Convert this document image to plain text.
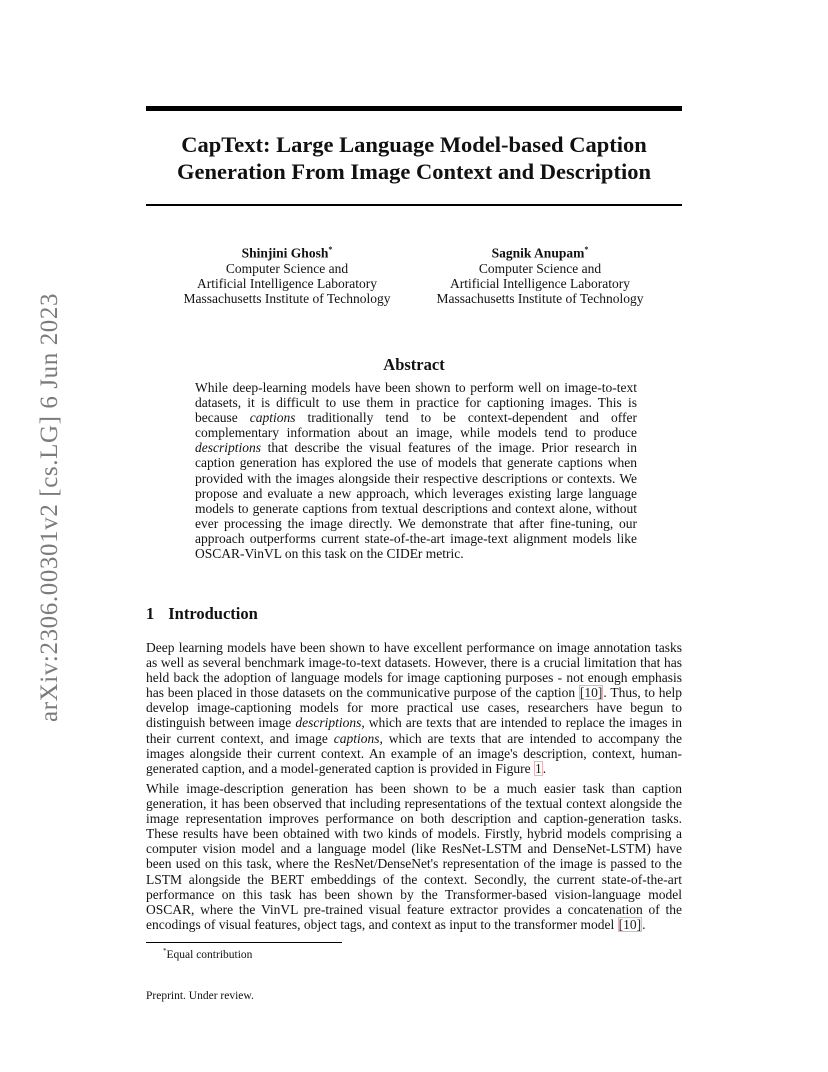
arXiv:2306.00301v2 [cs.LG] 6 Jun 2023
CapText: Large Language Model-based Caption
Generation From Image Context and Description
Shinjini Ghosh*
Computer Science and
Artificial Intelligence Laboratory
Massachusetts Institute of Technology
Sagnik Anupam*
Computer Science and
Artificial Intelligence Laboratory
Massachusetts Institute of Technology
Abstract

While deep-learning models have been shown to perform well on image-to-text datasets, it is difficult to use them in practice for captioning images. This is because captions traditionally tend to be context-dependent and offer complementary information about an image, while models tend to produce descriptions that describe the visual features of the image. Prior research in caption generation has explored the use of models that generate captions when provided with the images alongside their respective descriptions or contexts. We propose and evaluate a new approach, which leverages existing large language models to generate captions from textual descriptions and context alone, without ever processing the image directly. We demonstrate that after fine-tuning, our approach outperforms current state-of-the-art image-text alignment models like OSCAR-VinVL on this task on the CIDEr metric.

1 Introduction

Deep learning models have been shown to have excellent performance on image annotation tasks as well as several benchmark image-to-text datasets. However, there is a crucial limitation that has held back the adoption of language models for image captioning purposes - not enough emphasis has been placed in those datasets on the communicative purpose of the caption [10]. Thus, to help develop image-captioning models for more practical use cases, researchers have begun to distinguish between image descriptions, which are texts that are intended to replace the images in their current context, and image captions, which are texts that are intended to accompany the images alongside their current context. An example of an image's description, context, human-generated caption, and a model-generated caption is provided in Figure 1.

While image-description generation has been shown to be a much easier task than caption generation, it has been observed that including representations of the textual context alongside the image representation improves performance on both description and caption-generation tasks. These results have been obtained with two kinds of models. Firstly, hybrid models comprising a computer vision model and a language model (like ResNet-LSTM and DenseNet-LSTM) have been used on this task, where the ResNet/DenseNet's representation of the image is passed to the LSTM alongside the BERT embeddings of the context. Secondly, the current state-of-the-art performance on this task has been shown by the Transformer-based vision-language model OSCAR, where the VinVL pre-trained visual feature extractor provides a concatenation of the encodings of visual features, object tags, and context as input to the transformer model [10].

*Equal contribution

Preprint. Under review.
